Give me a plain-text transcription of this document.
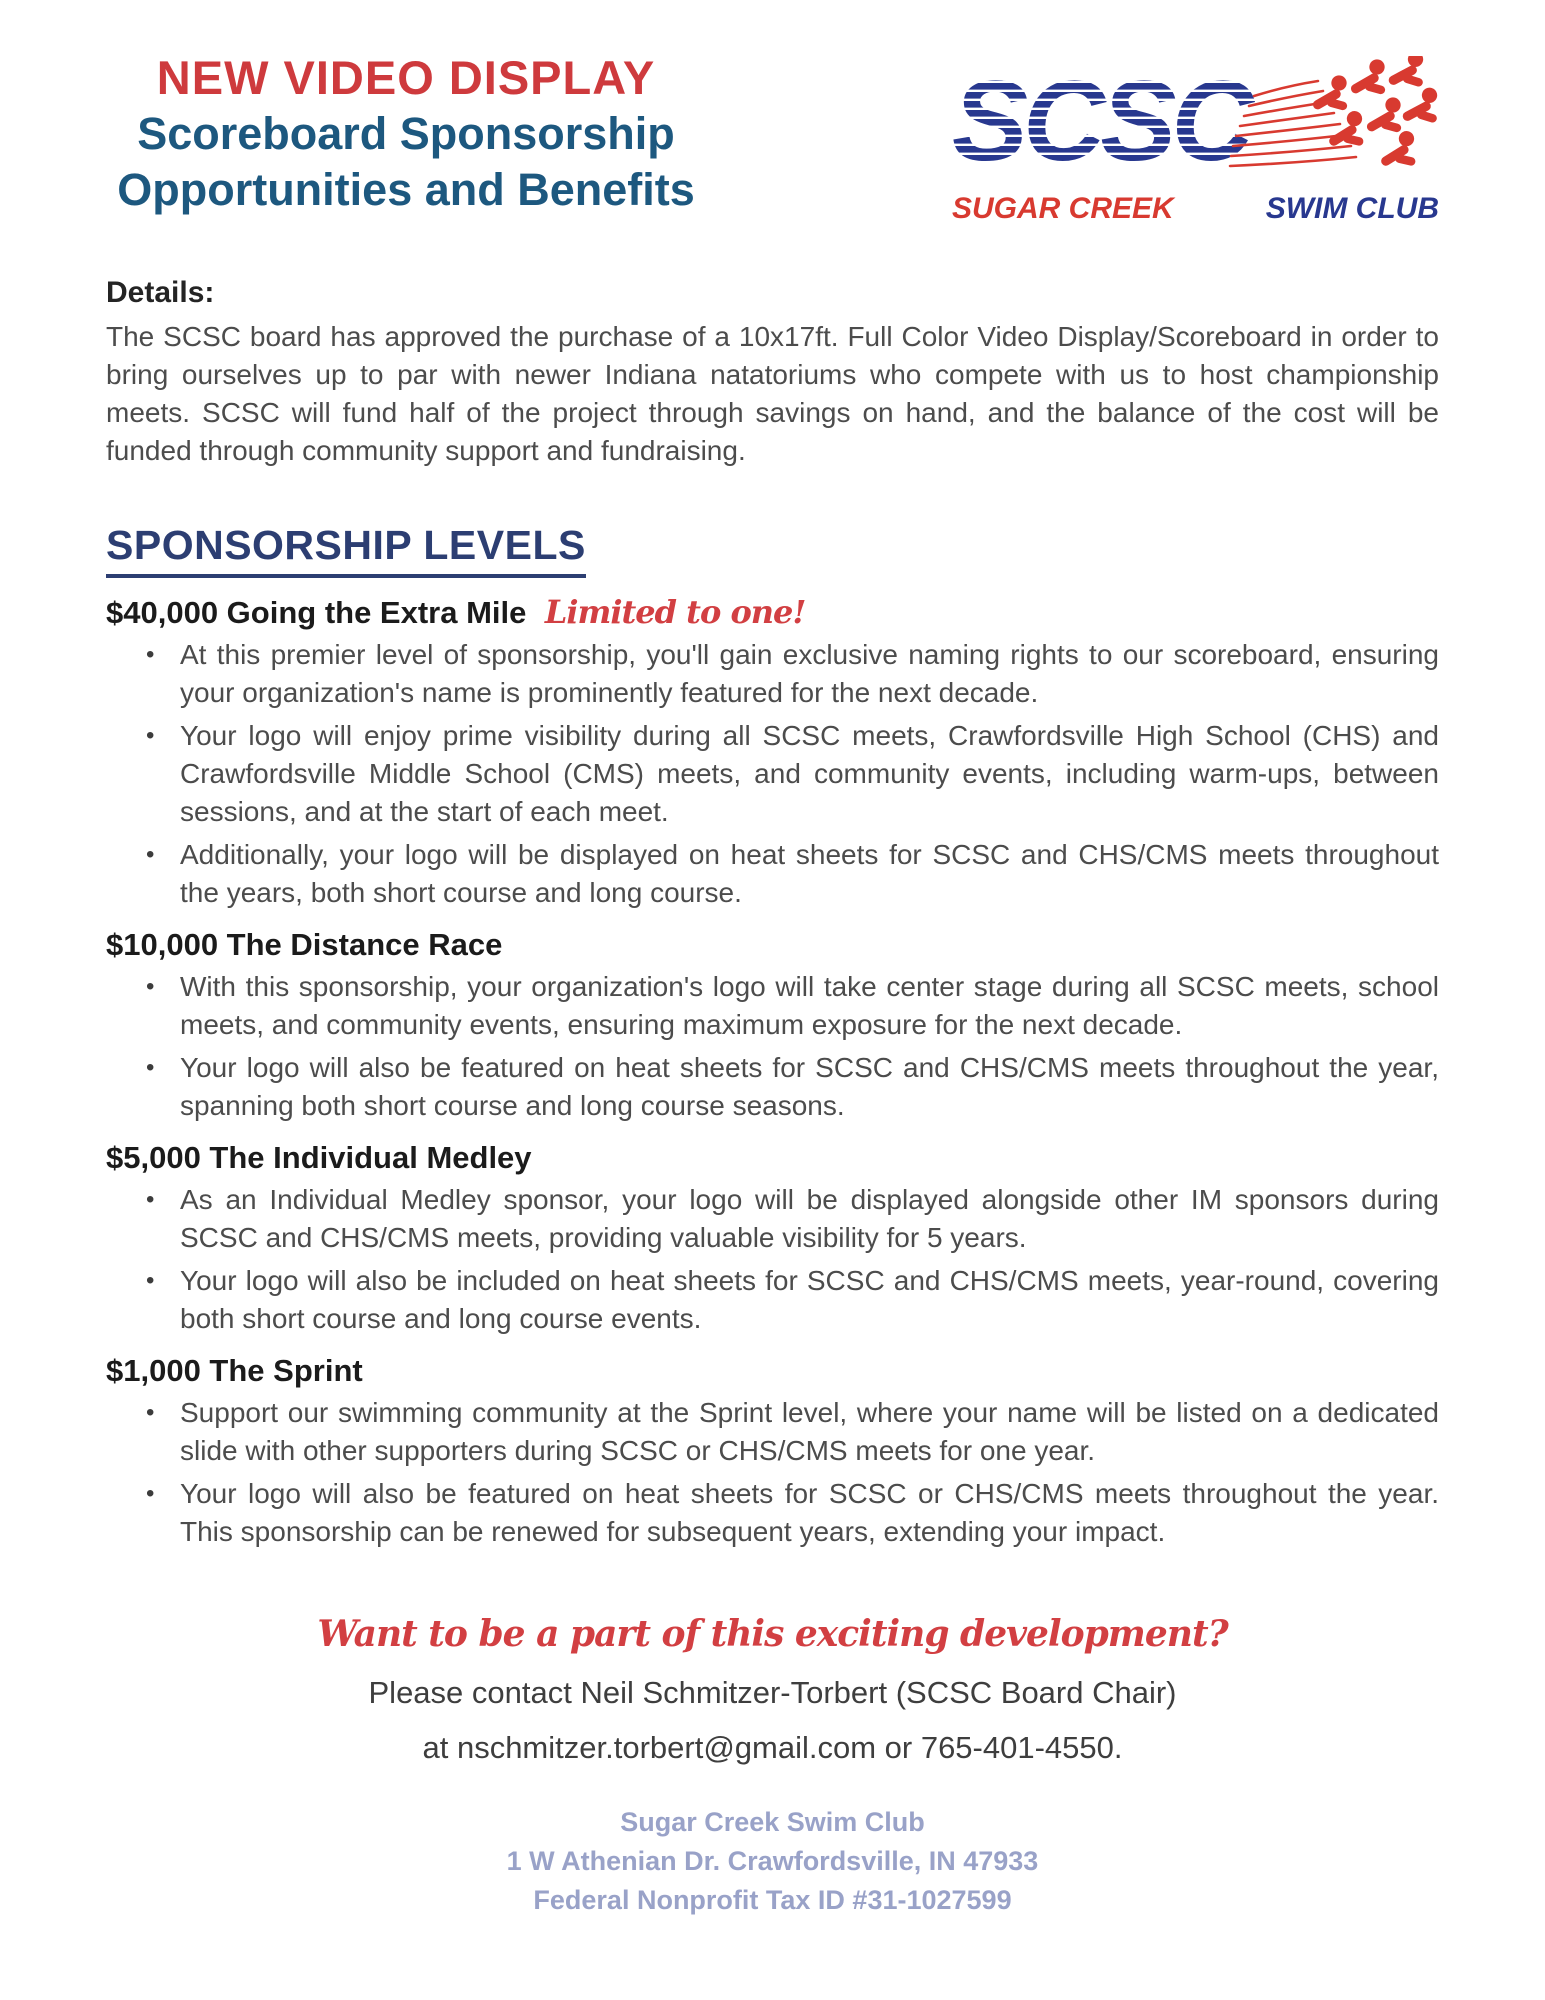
NEW VIDEO DISPLAY
Scoreboard Sponsorship
Opportunities and Benefits
SCSC
SUGAR CREEK	SWIM CLUB
Details:

The SCSC board has approved the purchase of a 10x17ft. Full Color Video Display/Scoreboard in order to bring ourselves up to par with newer Indiana natatoriums who compete with us to host championship meets. SCSC will fund half of the project through savings on hand, and the balance of the cost will be funded through community support and fundraising.

SPONSORSHIP LEVELS
$40,000 Going the Extra Mile Limited to one!
• At this premier level of sponsorship, you'll gain exclusive naming rights to our scoreboard, ensuring your organization's name is prominently featured for the next decade.
• Your logo will enjoy prime visibility during all SCSC meets, Crawfordsville High School (CHS) and Crawfordsville Middle School (CMS) meets, and community events, including warm-ups, between sessions, and at the start of each meet.
• Additionally, your logo will be displayed on heat sheets for SCSC and CHS/CMS meets throughout the years, both short course and long course.
$10,000 The Distance Race
• With this sponsorship, your organization's logo will take center stage during all SCSC meets, school meets, and community events, ensuring maximum exposure for the next decade.
• Your logo will also be featured on heat sheets for SCSC and CHS/CMS meets throughout the year, spanning both short course and long course seasons.
$5,000 The Individual Medley
• As an Individual Medley sponsor, your logo will be displayed alongside other IM sponsors during SCSC and CHS/CMS meets, providing valuable visibility for 5 years.
• Your logo will also be included on heat sheets for SCSC and CHS/CMS meets, year-round, covering both short course and long course events.
$1,000 The Sprint
• Support our swimming community at the Sprint level, where your name will be listed on a dedicated slide with other supporters during SCSC or CHS/CMS meets for one year.
• Your logo will also be featured on heat sheets for SCSC or CHS/CMS meets throughout the year. This sponsorship can be renewed for subsequent years, extending your impact.
Want to be a part of this exciting development?
Please contact Neil Schmitzer-Torbert (SCSC Board Chair)
at nschmitzer.torbert@gmail.com or 765-401-4550.
Sugar Creek Swim Club
1 W Athenian Dr. Crawfordsville, IN 47933
Federal Nonprofit Tax ID #31-1027599
